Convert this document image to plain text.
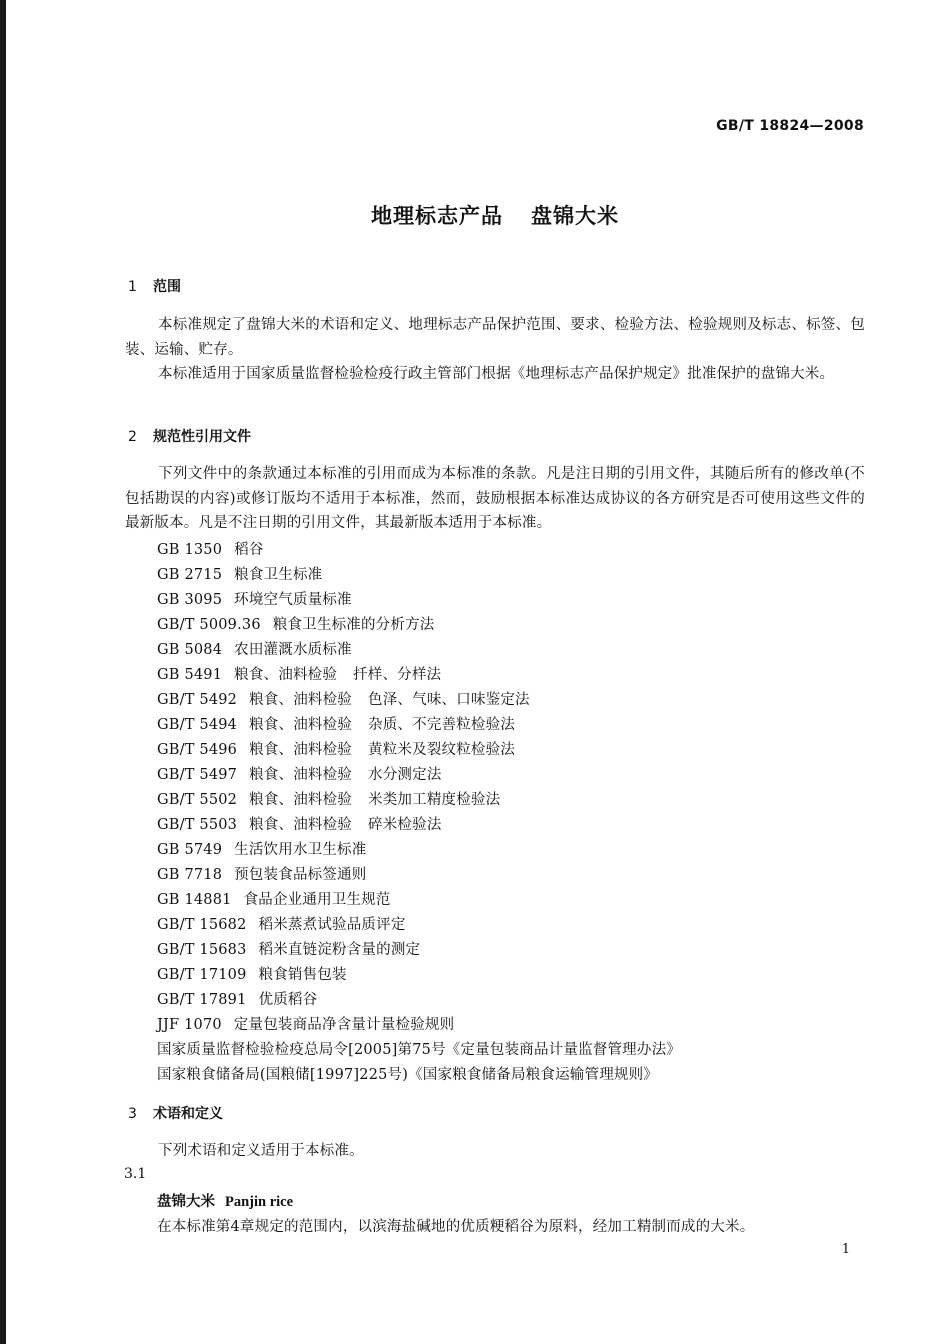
GB/T 18824—2008
地理标志产品 盘锦大米
1 范围
本标准规定了盘锦大米的术语和定义、地理标志产品保护范围、要求、检验方法、检验规则及标志、标签、包装、运输、贮存。
本标准适用于国家质量监督检验检疫行政主管部门根据《地理标志产品保护规定》批准保护的盘锦大米。
2 规范性引用文件
下列文件中的条款通过本标准的引用而成为本标准的条款。凡是注日期的引用文件，其随后所有的修改单(不包括勘误的内容)或修订版均不适用于本标准，然而，鼓励根据本标准达成协议的各方研究是否可使用这些文件的最新版本。凡是不注日期的引用文件，其最新版本适用于本标准。
GB 1350 稻谷
GB 2715 粮食卫生标准
GB 3095 环境空气质量标准
GB/T 5009.36 粮食卫生标准的分析方法
GB 5084 农田灌溉水质标准
GB 5491 粮食、油料检验 扦样、分样法
GB/T 5492 粮食、油料检验 色泽、气味、口味鉴定法
GB/T 5494 粮食、油料检验 杂质、不完善粒检验法
GB/T 5496 粮食、油料检验 黄粒米及裂纹粒检验法
GB/T 5497 粮食、油料检验 水分测定法
GB/T 5502 粮食、油料检验 米类加工精度检验法
GB/T 5503 粮食、油料检验 碎米检验法
GB 5749 生活饮用水卫生标准
GB 7718 预包装食品标签通则
GB 14881 食品企业通用卫生规范
GB/T 15682 稻米蒸煮试验品质评定
GB/T 15683 稻米直链淀粉含量的测定
GB/T 17109 粮食销售包装
GB/T 17891 优质稻谷
JJF 1070 定量包装商品净含量计量检验规则
国家质量监督检验检疫总局令[2005]第75号《定量包装商品计量监督管理办法》
国家粮食储备局(国粮储[1997]225号)《国家粮食储备局粮食运输管理规则》
3 术语和定义
下列术语和定义适用于本标准。
3.1
盘锦大米 Panjin rice
在本标准第4章规定的范围内，以滨海盐碱地的优质粳稻谷为原料，经加工精制而成的大米。
1
